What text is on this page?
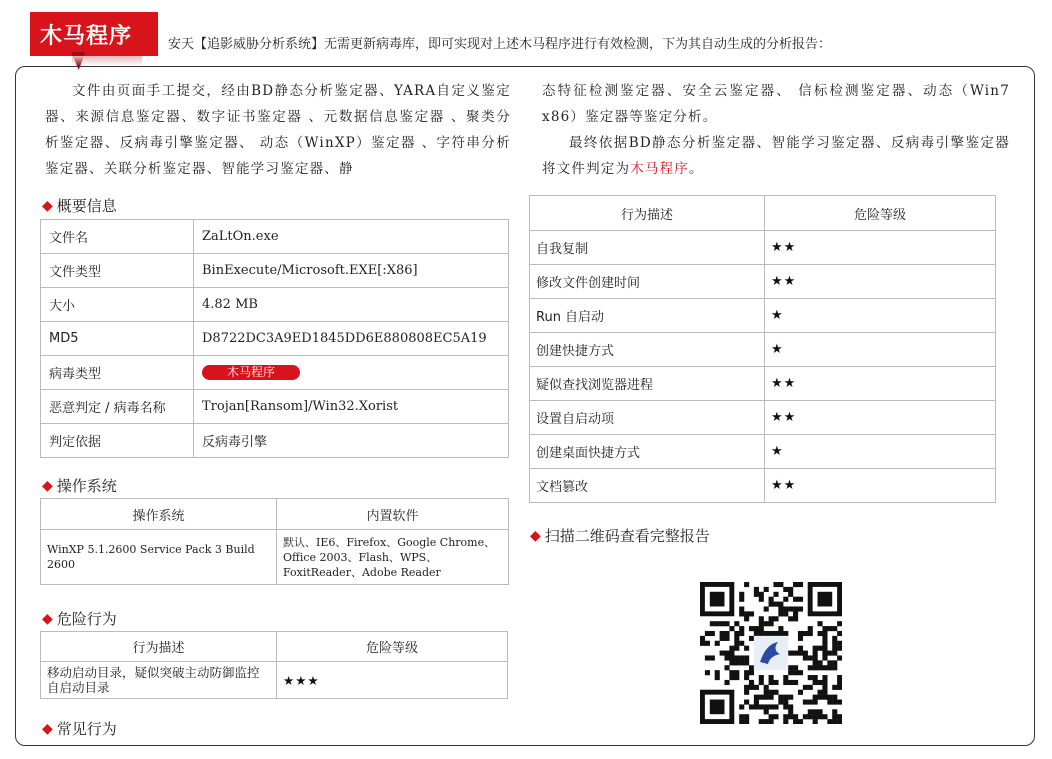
木马程序	安天【追影威胁分析系统】无需更新病毒库，即可实现对上述木马程序进行有效检测，下为其自动生成的分析报告：

文件由页面手工提交，经由BD静态分析鉴定器、YARA自定义鉴定器、来源信息鉴定器、数字证书鉴定器 、元数据信息鉴定器 、聚类分析鉴定器、反病毒引擎鉴定器、 动态（WinXP）鉴定器 、字符串分析鉴定器、关联分析鉴定器、智能学习鉴定器、静

态特征检测鉴定器、安全云鉴定器、 信标检测鉴定器、动态（Win7 x86）鉴定器等鉴定分析。

最终依据BD静态分析鉴定器、智能学习鉴定器、反病毒引擎鉴定器将文件判定为木马程序。

◆ 概要信息
文件名	ZaLtOn.exe
文件类型	BinExecute/Microsoft.EXE[:X86]
大小	4.82 MB
MD5	D8722DC3A9ED1845DD6E880808EC5A19
病毒类型	木马程序
恶意判定 / 病毒名称	Trojan[Ransom]/Win32.Xorist
判定依据	反病毒引擎
◆ 操作系统
操作系统	内置软件
WinXP 5.1.2600 Service Pack 3 Build 2600	默认、IE6、Firefox、Google Chrome、Office 2003、Flash、WPS、FoxitReader、Adobe Reader
◆ 危险行为
行为描述	危险等级
移动启动目录，疑似突破主动防御监控自启动目录	★★★
◆ 常见行为
行为描述	危险等级
自我复制	★★
修改文件创建时间	★★
Run 自启动	★
创建快捷方式	★
疑似查找浏览器进程	★★
设置自启动项	★★
创建桌面快捷方式	★
文档篡改	★★
◆ 扫描二维码查看完整报告
